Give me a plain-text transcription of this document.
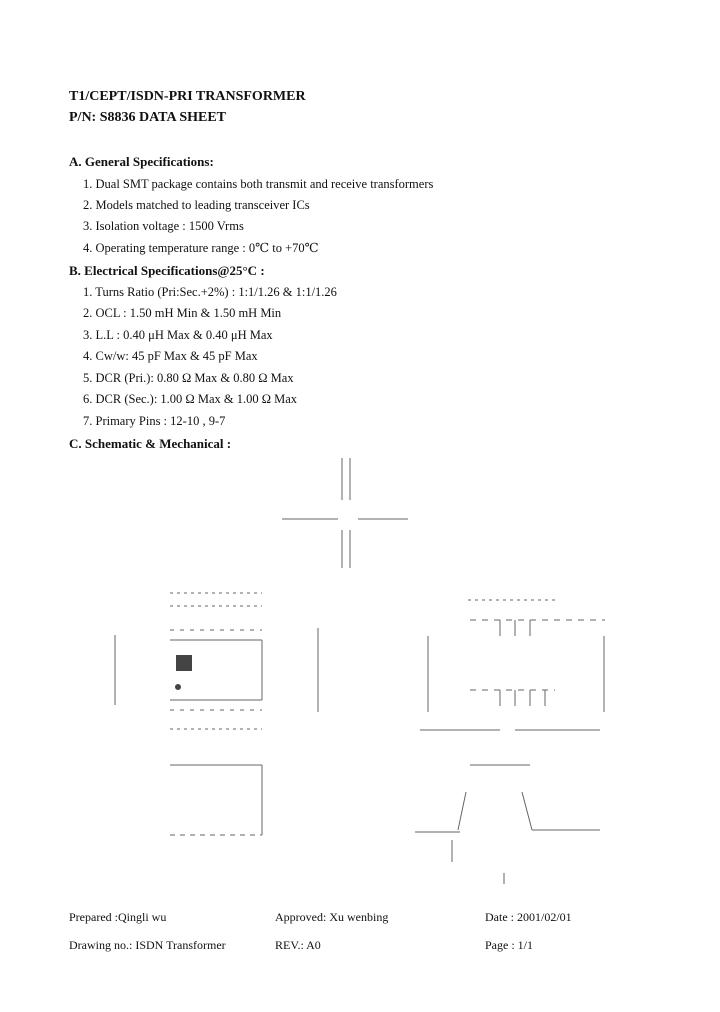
T1/CEPT/ISDN-PRI TRANSFORMER
P/N: S8836 DATA SHEET
A. General Specifications:
1. Dual SMT package contains both transmit and receive transformers
2. Models matched to leading transceiver ICs
3. Isolation voltage : 1500 Vrms
4. Operating temperature range : 0℃ to +70℃
B. Electrical Specifications@25°C :
1. Turns Ratio (Pri:Sec.+2%) : 1:1/1.26 & 1:1/1.26
2. OCL : 1.50 mH Min & 1.50 mH Min
3. L.L : 0.40 μH Max & 0.40 μH Max
4. Cw/w: 45 pF Max & 45 pF Max
5. DCR (Pri.): 0.80 Ω Max & 0.80 Ω Max
6. DCR (Sec.): 1.00 Ω Max & 1.00 Ω Max
7. Primary Pins : 12-10 , 9-7
C. Schematic & Mechanical :
Prepared :Qingli wu	Approved: Xu wenbing	Date : 2001/02/01
Drawing no.: ISDN Transformer	REV.: A0	Page : 1/1
